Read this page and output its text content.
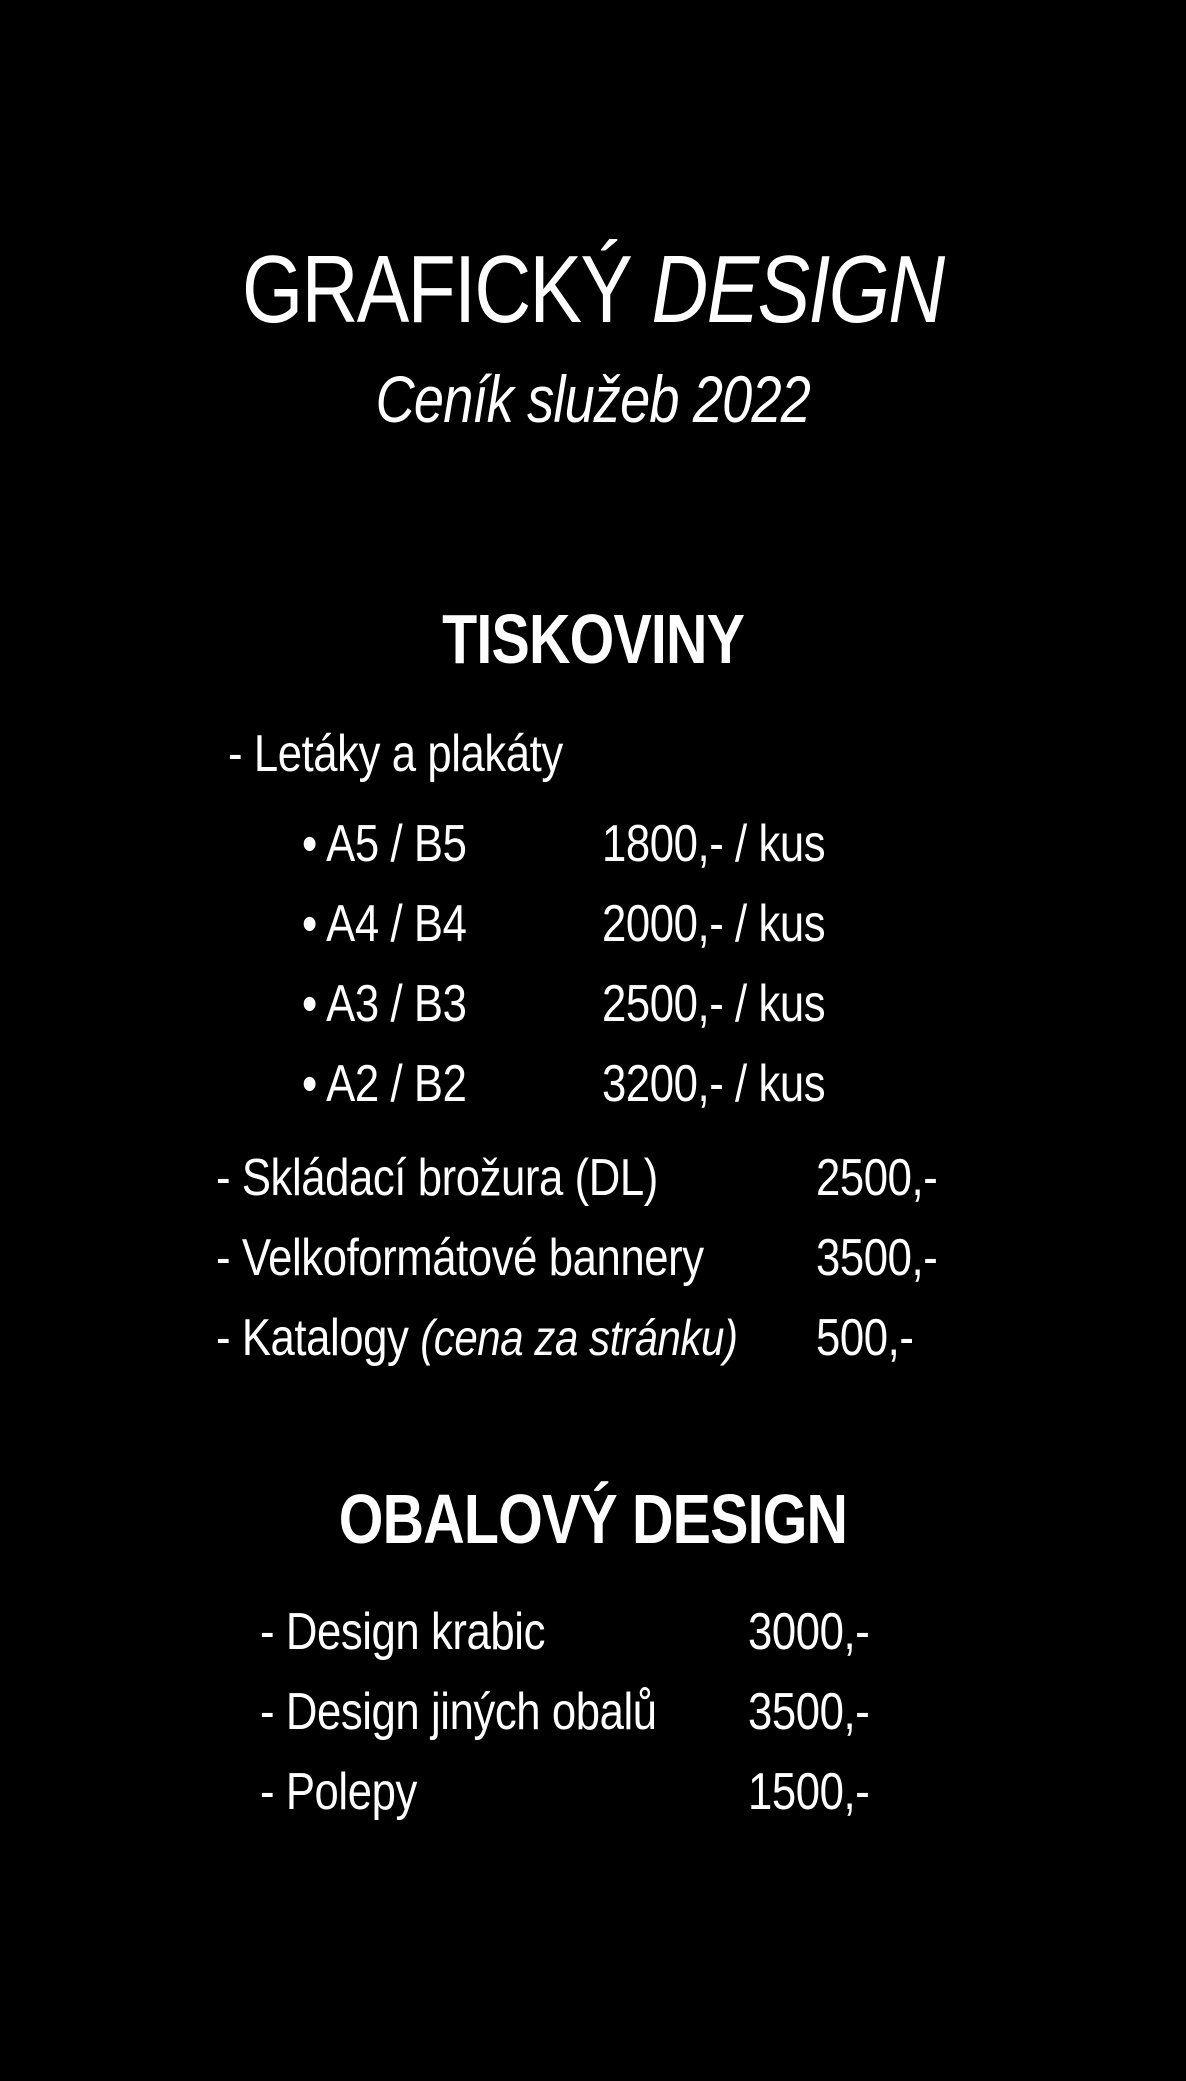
GRAFICKÝ DESIGN
Ceník služeb 2022
TISKOVINY
- Letáky a plakáty
• A5 / B5	1800,- / kus
• A4 / B4	2000,- / kus
• A3 / B3	2500,- / kus
• A2 / B2	3200,- / kus
- Skládací brožura (DL)	2500,-
- Velkoformátové bannery 3500,-
- Katalogy (cena za stránku) 500,-
OBALOVÝ DESIGN
- Design krabic	3000,-
- Design jiných obalů 3500,-
- Polepy	1500,-
